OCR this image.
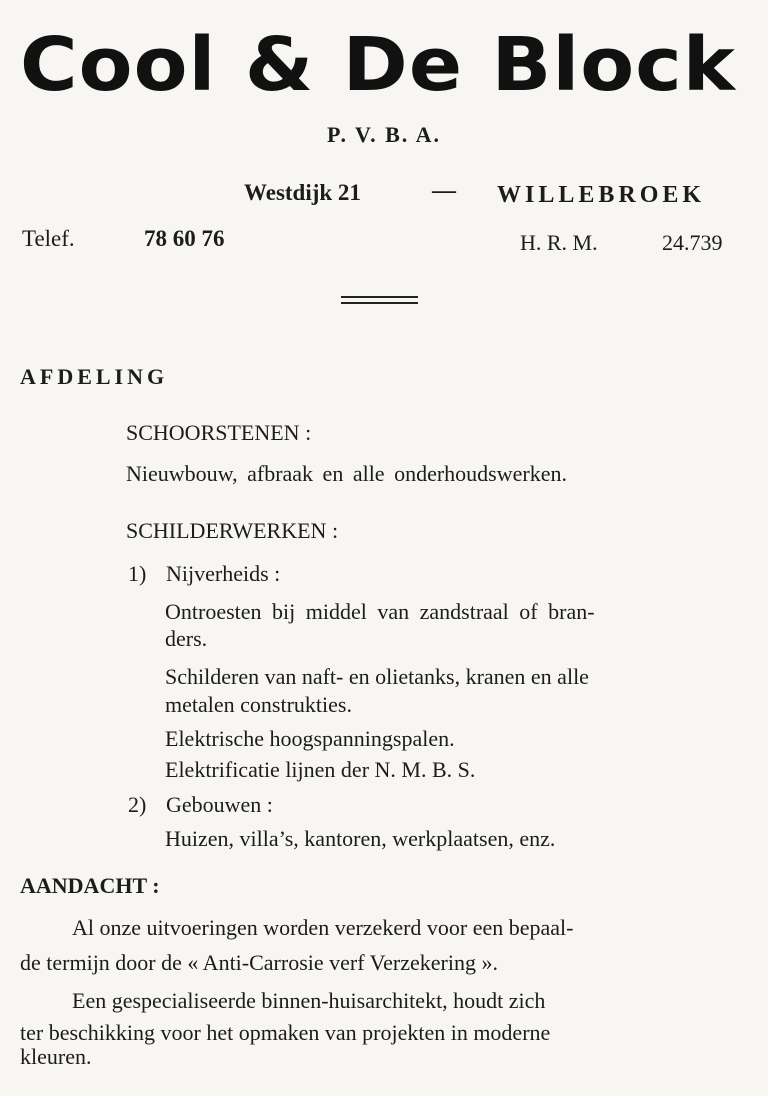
Cool & De Block
P. V. B. A.
Westdijk 21	— WILLEBROEK
Telef.	78 60 76	H. R. M.	24.739
AFDELING
SCHOORSTENEN :
Nieuwbouw, afbraak en alle onderhoudswerken.
SCHILDERWERKEN :
1) Nijverheids :
Ontroesten bij middel van zandstraal of bran-
ders.
Schilderen van naft- en olietanks, kranen en alle
metalen construkties.
Elektrische hoogspanningspalen.
Elektrificatie lijnen der N. M. B. S.
2) Gebouwen :
Huizen, villa’s, kantoren, werkplaatsen, enz.
AANDACHT :
Al onze uitvoeringen worden verzekerd voor een bepaal-
de termijn door de « Anti-Carrosie verf Verzekering ».
Een gespecialiseerde binnen-huisarchitekt, houdt zich
ter beschikking voor het opmaken van projekten in moderne
kleuren.
